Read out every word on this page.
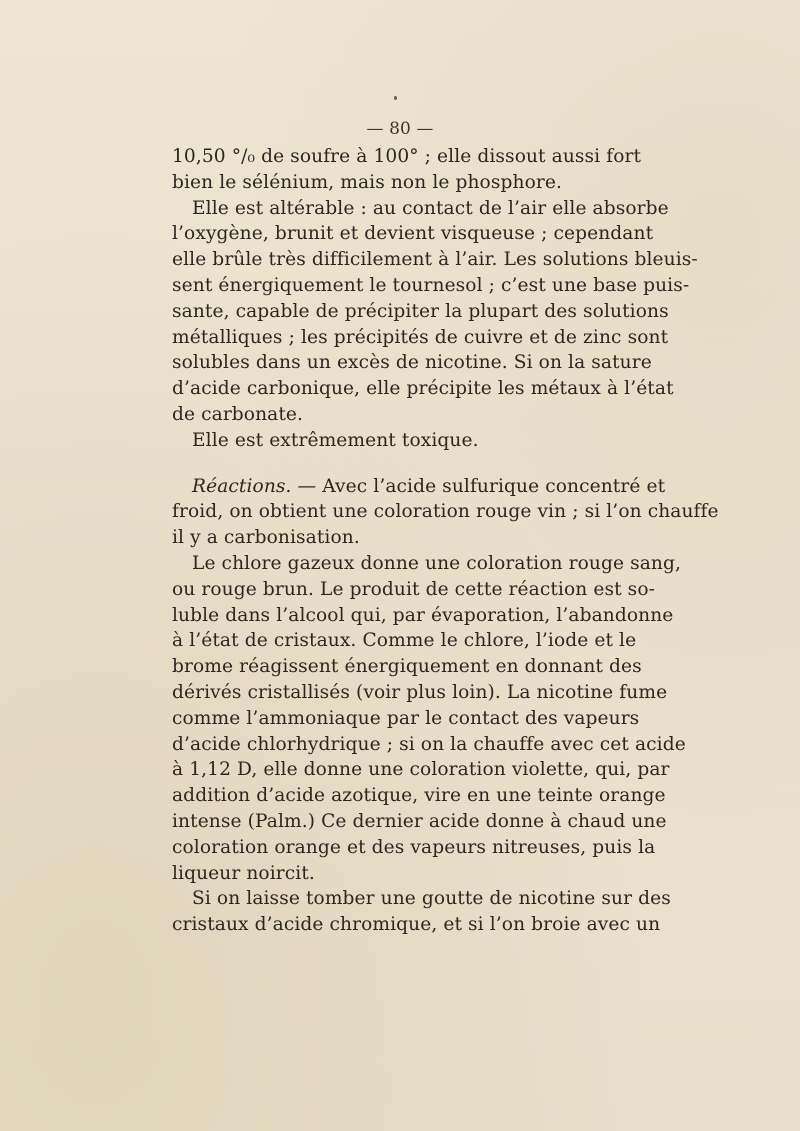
— 80 —
10,50 °/₀ de soufre à 100° ; elle dissout aussi fort
bien le sélénium, mais non le phosphore.
Elle est altérable : au contact de l’air elle absorbe
l’oxygène, brunit et devient visqueuse ; cependant
elle brûle très difficilement à l’air. Les solutions bleuis-
sent énergiquement le tournesol ; c’est une base puis-
sante, capable de précipiter la plupart des solutions
métalliques ; les précipités de cuivre et de zinc sont
solubles dans un excès de nicotine. Si on la sature
d’acide carbonique, elle précipite les métaux à l’état
de carbonate.
Elle est extrêmement toxique.
Réactions. — Avec l’acide sulfurique concentré et
froid, on obtient une coloration rouge vin ; si l’on chauffe
il y a carbonisation.
Le chlore gazeux donne une coloration rouge sang,
ou rouge brun. Le produit de cette réaction est so-
luble dans l’alcool qui, par évaporation, l’abandonne
à l’état de cristaux. Comme le chlore, l’iode et le
brome réagissent énergiquement en donnant des
dérivés cristallisés (voir plus loin). La nicotine fume
comme l’ammoniaque par le contact des vapeurs
d’acide chlorhydrique ; si on la chauffe avec cet acide
à 1,12 D, elle donne une coloration violette, qui, par
addition d’acide azotique, vire en une teinte orange
intense (Palm.) Ce dernier acide donne à chaud une
coloration orange et des vapeurs nitreuses, puis la
liqueur noircit.
Si on laisse tomber une goutte de nicotine sur des
cristaux d’acide chromique, et si l’on broie avec un
